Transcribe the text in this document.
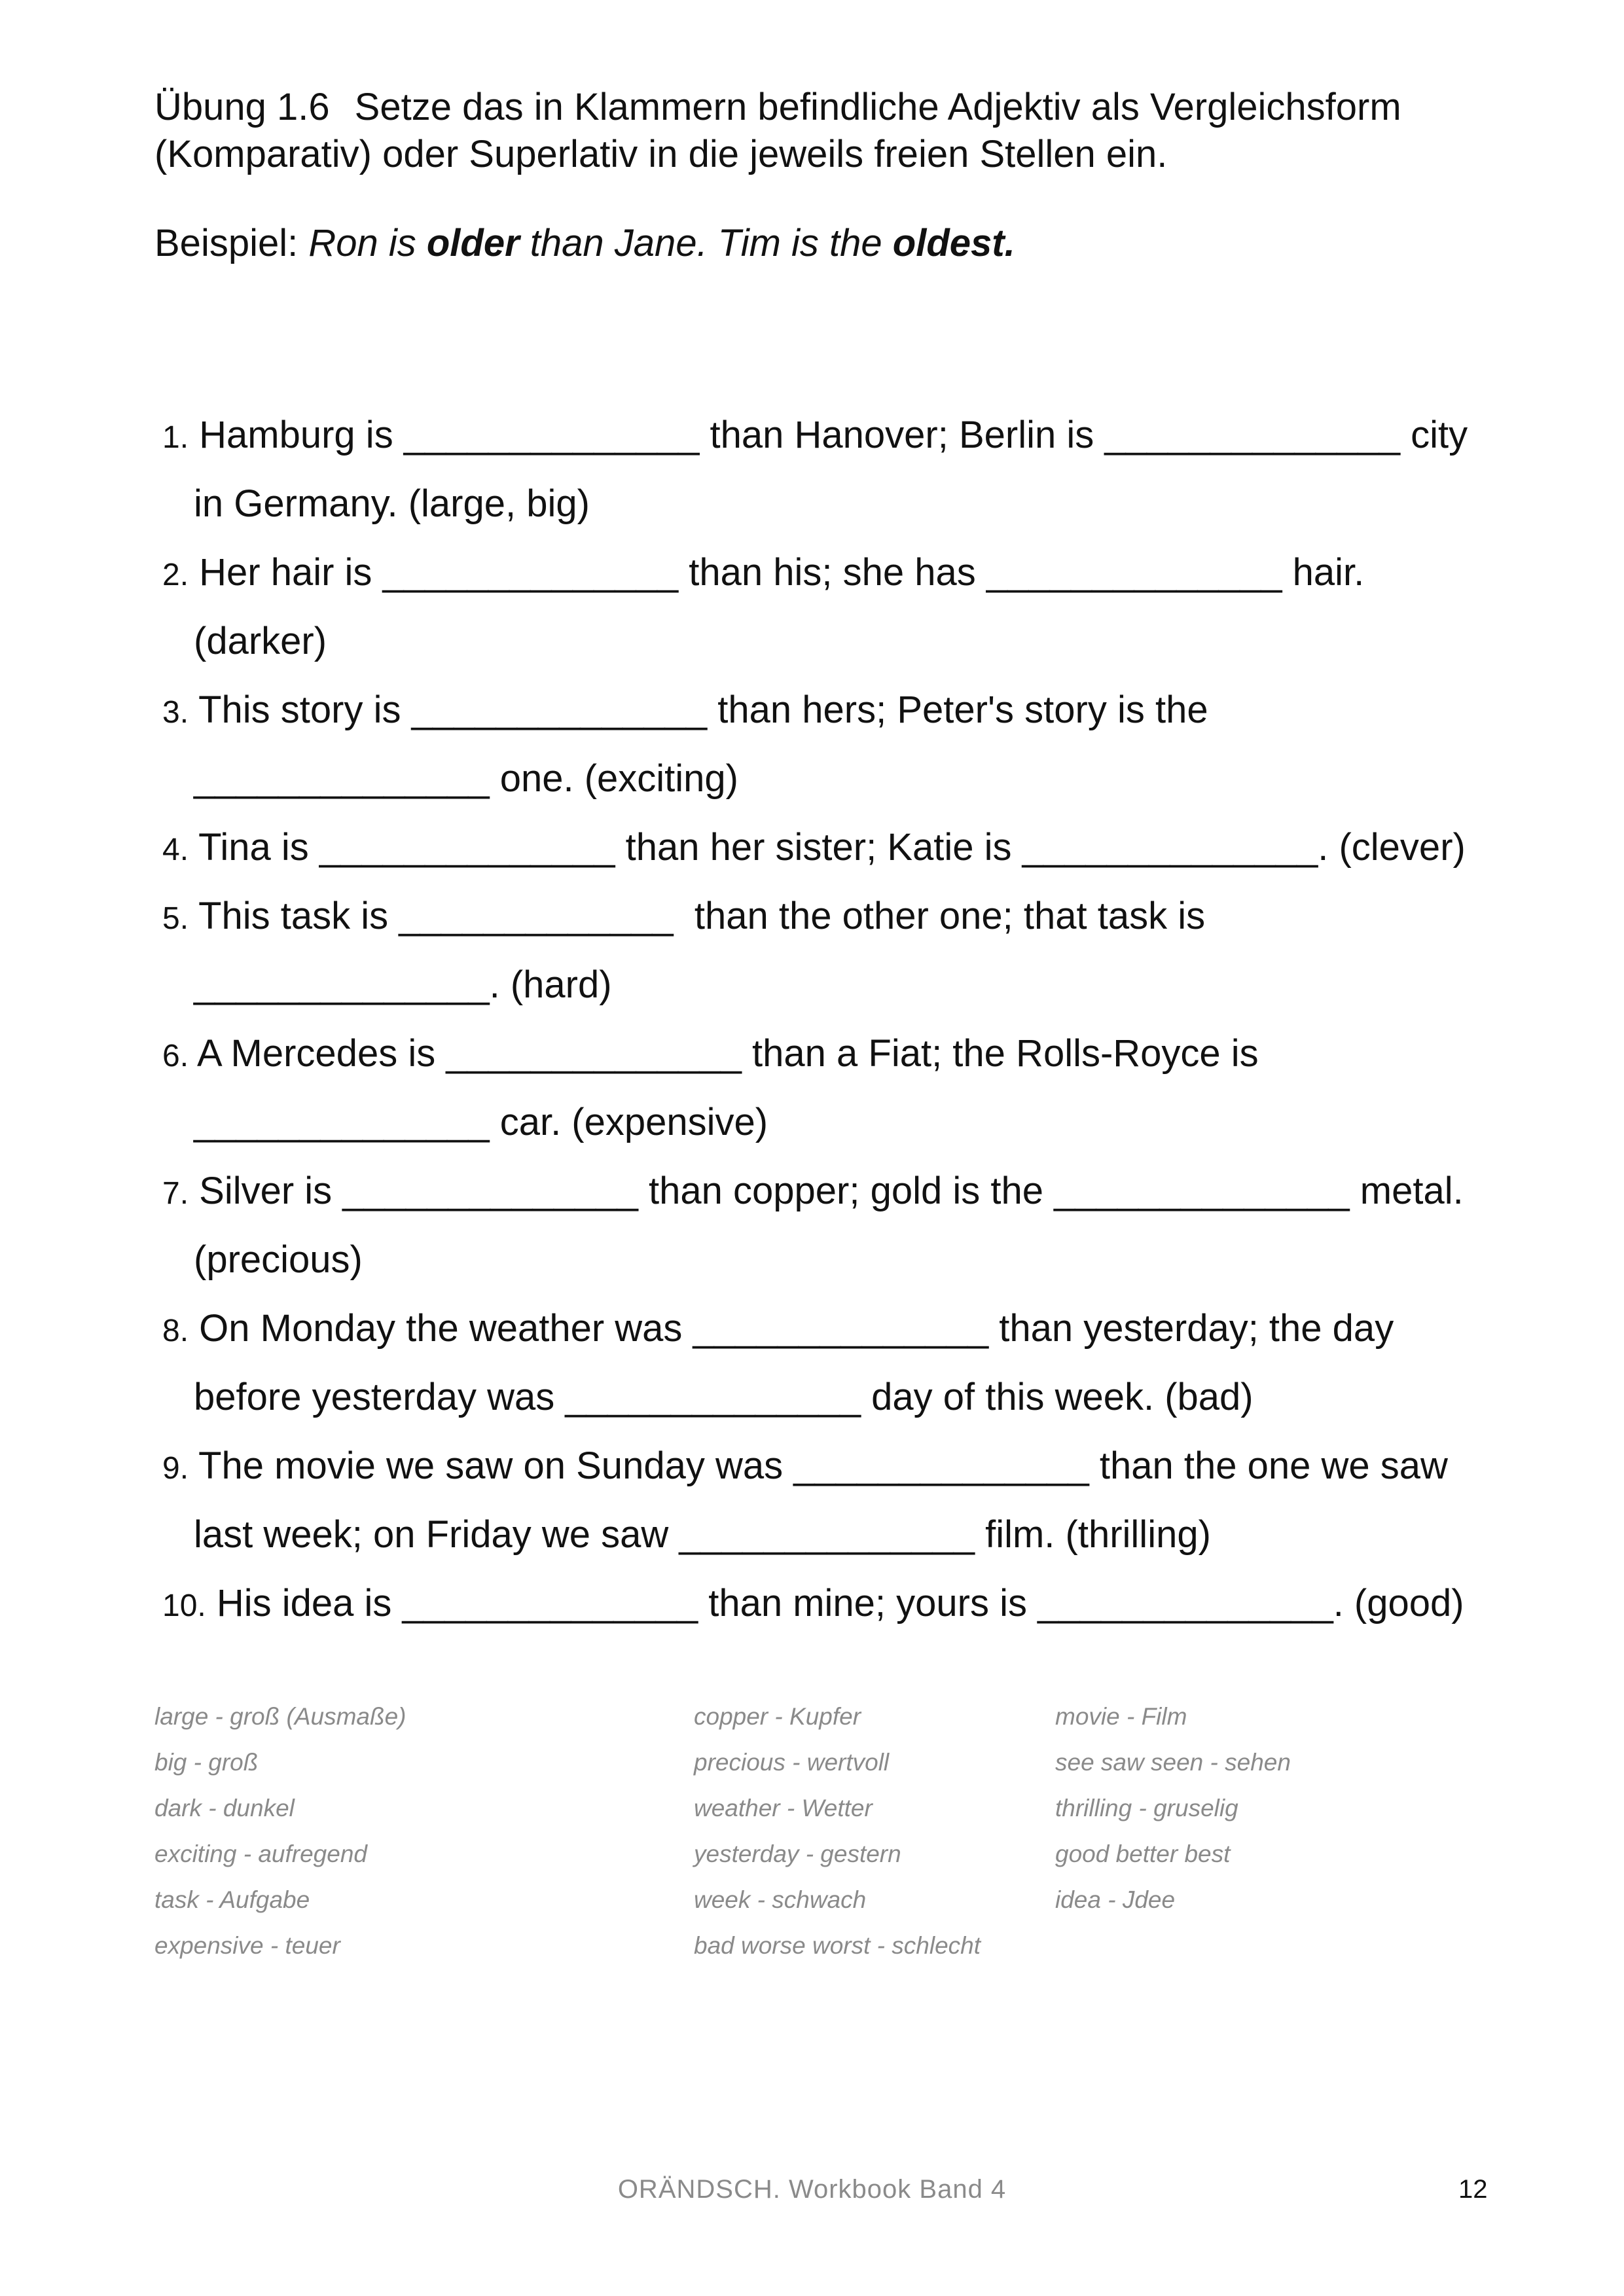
Übung 1.6 Setze das in Klammern befindliche Adjektiv als Vergleichsform
(Komparativ) oder Superlativ in die jeweils freien Stellen ein.

Beispiel: Ron is older than Jane. Tim is the oldest.
1. Hamburg is ______________ than Hanover; Berlin is ______________ city
in Germany. (large, big)
2. Her hair is ______________ than his; she has ______________ hair.
(darker)
3. This story is ______________ than hers; Peter's story is the
______________ one. (exciting)
4. Tina is ______________ than her sister; Katie is ______________. (clever)
5. This task is _____________  than the other one; that task is
______________. (hard)
6. A Mercedes is ______________ than a Fiat; the Rolls-Royce is
______________ car. (expensive)
7. Silver is ______________ than copper; gold is the ______________ metal.
(precious)
8. On Monday the weather was ______________ than yesterday; the day
before yesterday was ______________ day of this week. (bad)
9. The movie we saw on Sunday was ______________ than the one we saw
last week; on Friday we saw ______________ film. (thrilling)
10. His idea is ______________ than mine; yours is ______________. (good)
large - groß (Ausmaße)
big - groß
dark - dunkel
exciting - aufregend
task - Aufgabe
expensive - teuer
copper - Kupfer
precious - wertvoll
weather - Wetter
yesterday - gestern
week - schwach
bad worse worst - schlecht
movie - Film
see saw seen - sehen
thrilling - gruselig
good better best
idea - Jdee
ORÄNDSCH. Workbook Band 4	12
